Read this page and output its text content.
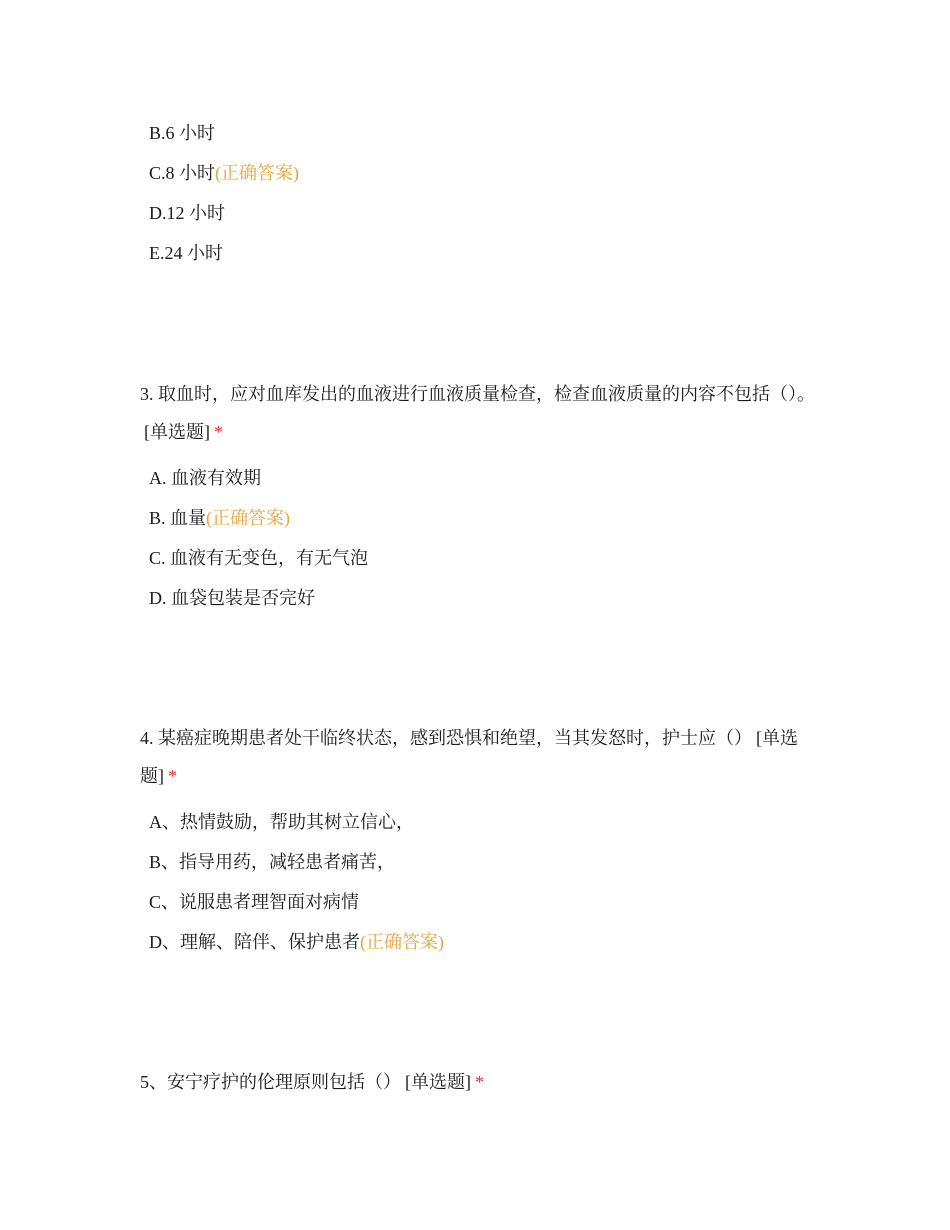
B.6 小时
C.8 小时(正确答案)
D.12 小时
E.24 小时
3. 取血时，应对血库发出的血液进行血液质量检查，检查血液质量的内容不包括（）。[单选题] *
A. 血液有效期
B. 血量(正确答案)
C. 血液有无变色，有无气泡
D. 血袋包装是否完好
4. 某癌症晚期患者处干临终状态，感到恐惧和绝望，当其发怒时，护士应（） [单选题] *
A、热情鼓励，帮助其树立信心，
B、指导用药，减轻患者痛苦，
C、说服患者理智面对病情
D、理解、陪伴、保护患者(正确答案)
5、安宁疗护的伦理原则包括（） [单选题] *
